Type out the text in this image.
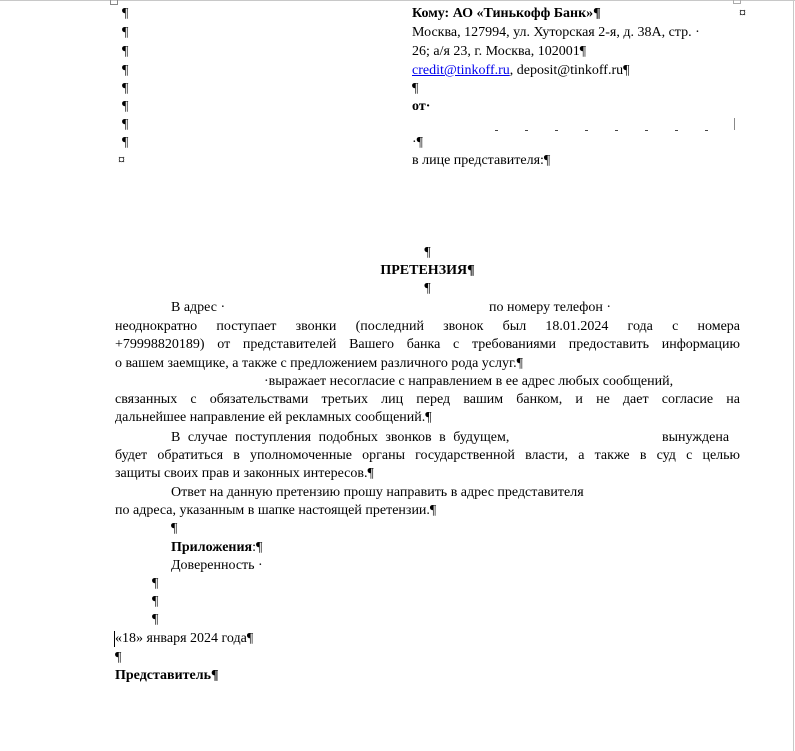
¶
¶
¶
¶
¶
¶
¶
¶
¤
Кому: АО «Тинькофф Банк»¶	¤
Москва, 127994, ул. Хуторская 2-я, д. 38А, стр. ·
26; а/я 23, г. Москва, 102001¶
credit@tinkoff.ru, deposit@tinkoff.ru¶
¶
от·
·¶
в лице представителя:¶
¶
ПРЕТЕНЗИЯ¶
¶
В адрес ·	по номеру телефон ·
неоднократно поступает звонки (последний звонок был 18.01.2024 года с номера
+79998820189) от представителей Вашего банка с требованиями предоставить информацию
о вашем заемщике, а также с предложением различного рода услуг.¶
·выражает несогласие с направлением в ее адрес любых сообщений,
связанных с обязательствами третьих лиц перед вашим банком, и не дает согласие на
дальнейшее направление ей рекламных сообщений.¶
В случае поступления подобных звонков в будущем,	вынуждена
будет обратиться в уполномоченные органы государственной власти, а также в суд с целью
защиты своих прав и законных интересов.¶
Ответ на данную претензию прошу направить в адрес представителя
по адреса, указанным в шапке настоящей претензии.¶
¶
Приложения:¶
Доверенность ·
¶
¶
¶
«18» января 2024 года¶
¶
Представитель¶
